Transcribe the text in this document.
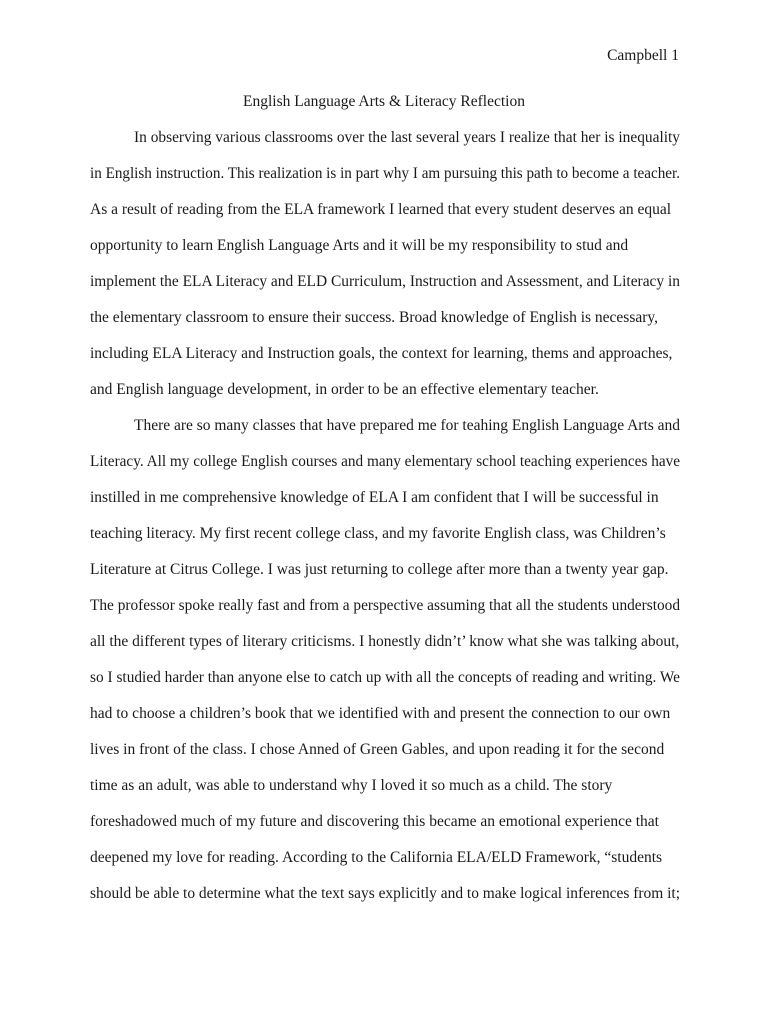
Campbell 1
English Language Arts & Literacy Reflection
In observing various classrooms over the last several years I realize that her is inequality
in English instruction. This realization is in part why I am pursuing this path to become a teacher.
As a result of reading from the ELA framework I learned that every student deserves an equal
opportunity to learn English Language Arts and it will be my responsibility to stud and
implement the ELA Literacy and ELD Curriculum, Instruction and Assessment, and Literacy in
the elementary classroom to ensure their success. Broad knowledge of English is necessary,
including ELA Literacy and Instruction goals, the context for learning, thems and approaches,
and English language development, in order to be an effective elementary teacher.
There are so many classes that have prepared me for teahing English Language Arts and
Literacy. All my college English courses and many elementary school teaching experiences have
instilled in me comprehensive knowledge of ELA I am confident that I will be successful in
teaching literacy. My first recent college class, and my favorite English class, was Children’s
Literature at Citrus College. I was just returning to college after more than a twenty year gap.
The professor spoke really fast and from a perspective assuming that all the students understood
all the different types of literary criticisms. I honestly didn’t’ know what she was talking about,
so I studied harder than anyone else to catch up with all the concepts of reading and writing. We
had to choose a children’s book that we identified with and present the connection to our own
lives in front of the class. I chose Anned of Green Gables, and upon reading it for the second
time as an adult, was able to understand why I loved it so much as a child. The story
foreshadowed much of my future and discovering this became an emotional experience that
deepened my love for reading. According to the California ELA/ELD Framework, “students
should be able to determine what the text says explicitly and to make logical inferences from it;
